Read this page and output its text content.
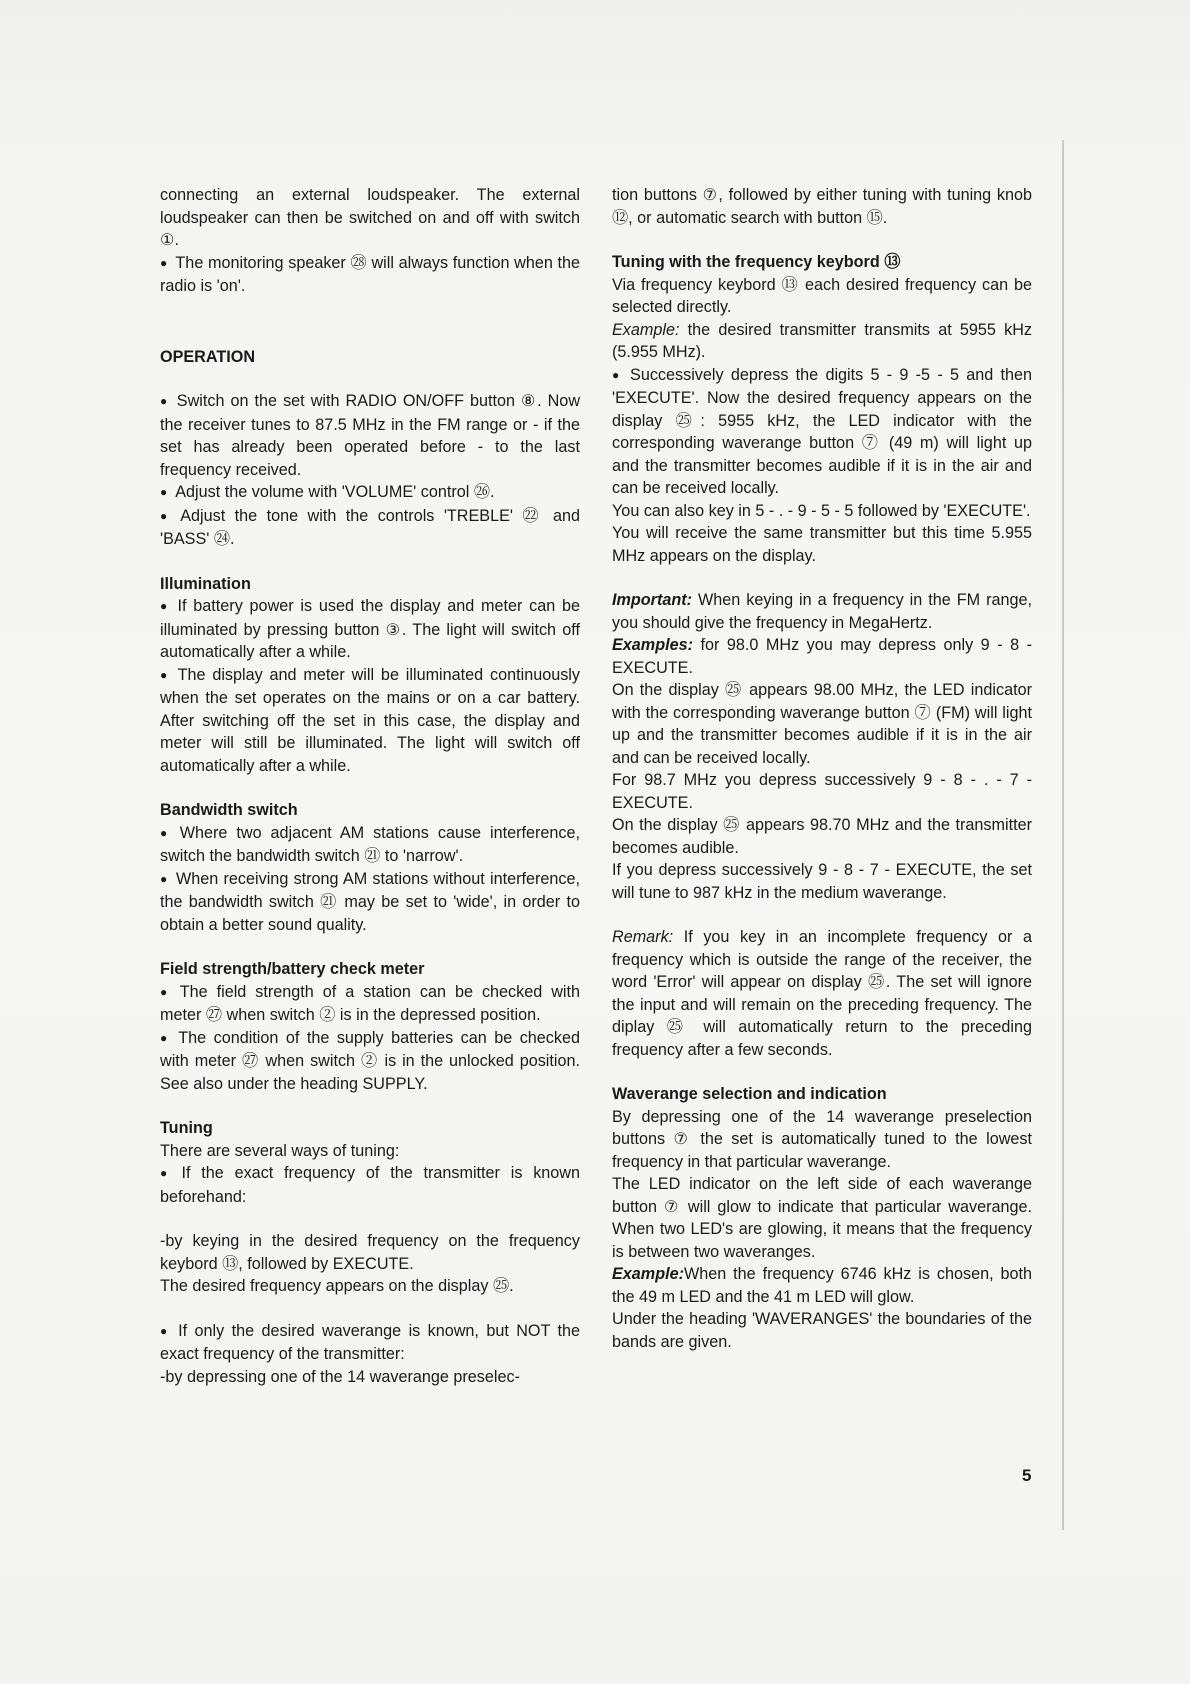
connecting an external loudspeaker. The external loudspeaker can then be switched on and off with switch ①.

● The monitoring speaker ㉘ will always function when the radio is 'on'.

OPERATION

● Switch on the set with RADIO ON/OFF button ⑧. Now the receiver tunes to 87.5 MHz in the FM range or - if the set has already been operated before - to the last frequency received.

● Adjust the volume with 'VOLUME' control ㉖.

● Adjust the tone with the controls 'TREBLE' ㉒ and 'BASS' ㉔.

Illumination

● If battery power is used the display and meter can be illuminated by pressing button ③. The light will switch off automatically after a while.

● The display and meter will be illuminated continuously when the set operates on the mains or on a car battery. After switching off the set in this case, the display and meter will still be illuminated. The light will switch off automatically after a while.

Bandwidth switch

● Where two adjacent AM stations cause interference, switch the bandwidth switch ㉑ to 'narrow'.

● When receiving strong AM stations without interference, the bandwidth switch ㉑ may be set to 'wide', in order to obtain a better sound quality.

Field strength/battery check meter

● The field strength of a station can be checked with meter ㉗ when switch ② is in the depressed position.

● The condition of the supply batteries can be checked with meter ㉗ when switch ② is in the unlocked position. See also under the heading SUPPLY.

Tuning

There are several ways of tuning:

● If the exact frequency of the transmitter is known beforehand:

-by keying in the desired frequency on the frequency keybord ⑬, followed by EXECUTE.

The desired frequency appears on the display ㉕.

● If only the desired waverange is known, but NOT the exact frequency of the transmitter:

-by depressing one of the 14 waverange preselec-

tion buttons ⑦, followed by either tuning with tuning knob ⑫, or automatic search with button ⑮.

Tuning with the frequency keybord ⑬

Via frequency keybord ⑬ each desired frequency can be selected directly.

Example: the desired transmitter transmits at 5955 kHz (5.955 MHz).

● Successively depress the digits 5 - 9 -5 - 5 and then 'EXECUTE'. Now the desired frequency appears on the display ㉕: 5955 kHz, the LED indicator with the corresponding waverange button ⑦ (49 m) will light up and the transmitter becomes audible if it is in the air and can be received locally.

You can also key in 5 - . - 9 - 5 - 5 followed by 'EXECUTE'.

You will receive the same transmitter but this time 5.955 MHz appears on the display.

Important: When keying in a frequency in the FM range, you should give the frequency in MegaHertz.

Examples: for 98.0 MHz you may depress only 9 - 8 - EXECUTE.

On the display ㉕ appears 98.00 MHz, the LED indicator with the corresponding waverange button ⑦ (FM) will light up and the transmitter becomes audible if it is in the air and can be received locally.

For 98.7 MHz you depress successively 9 - 8 - . - 7 - EXECUTE.

On the display ㉕ appears 98.70 MHz and the transmitter becomes audible.

If you depress successively 9 - 8 - 7 - EXECUTE, the set will tune to 987 kHz in the medium waverange.

Remark: If you key in an incomplete frequency or a frequency which is outside the range of the receiver, the word 'Error' will appear on display ㉕. The set will ignore the input and will remain on the preceding frequency. The diplay ㉕ will automatically return to the preceding frequency after a few seconds.

Waverange selection and indication

By depressing one of the 14 waverange preselection buttons ⑦ the set is automatically tuned to the lowest frequency in that particular waverange.

The LED indicator on the left side of each waverange button ⑦ will glow to indicate that particular waverange. When two LED's are glowing, it means that the frequency is between two waveranges.

Example:When the frequency 6746 kHz is chosen, both the 49 m LED and the 41 m LED will glow.

Under the heading 'WAVERANGES' the boundaries of the bands are given.

5
